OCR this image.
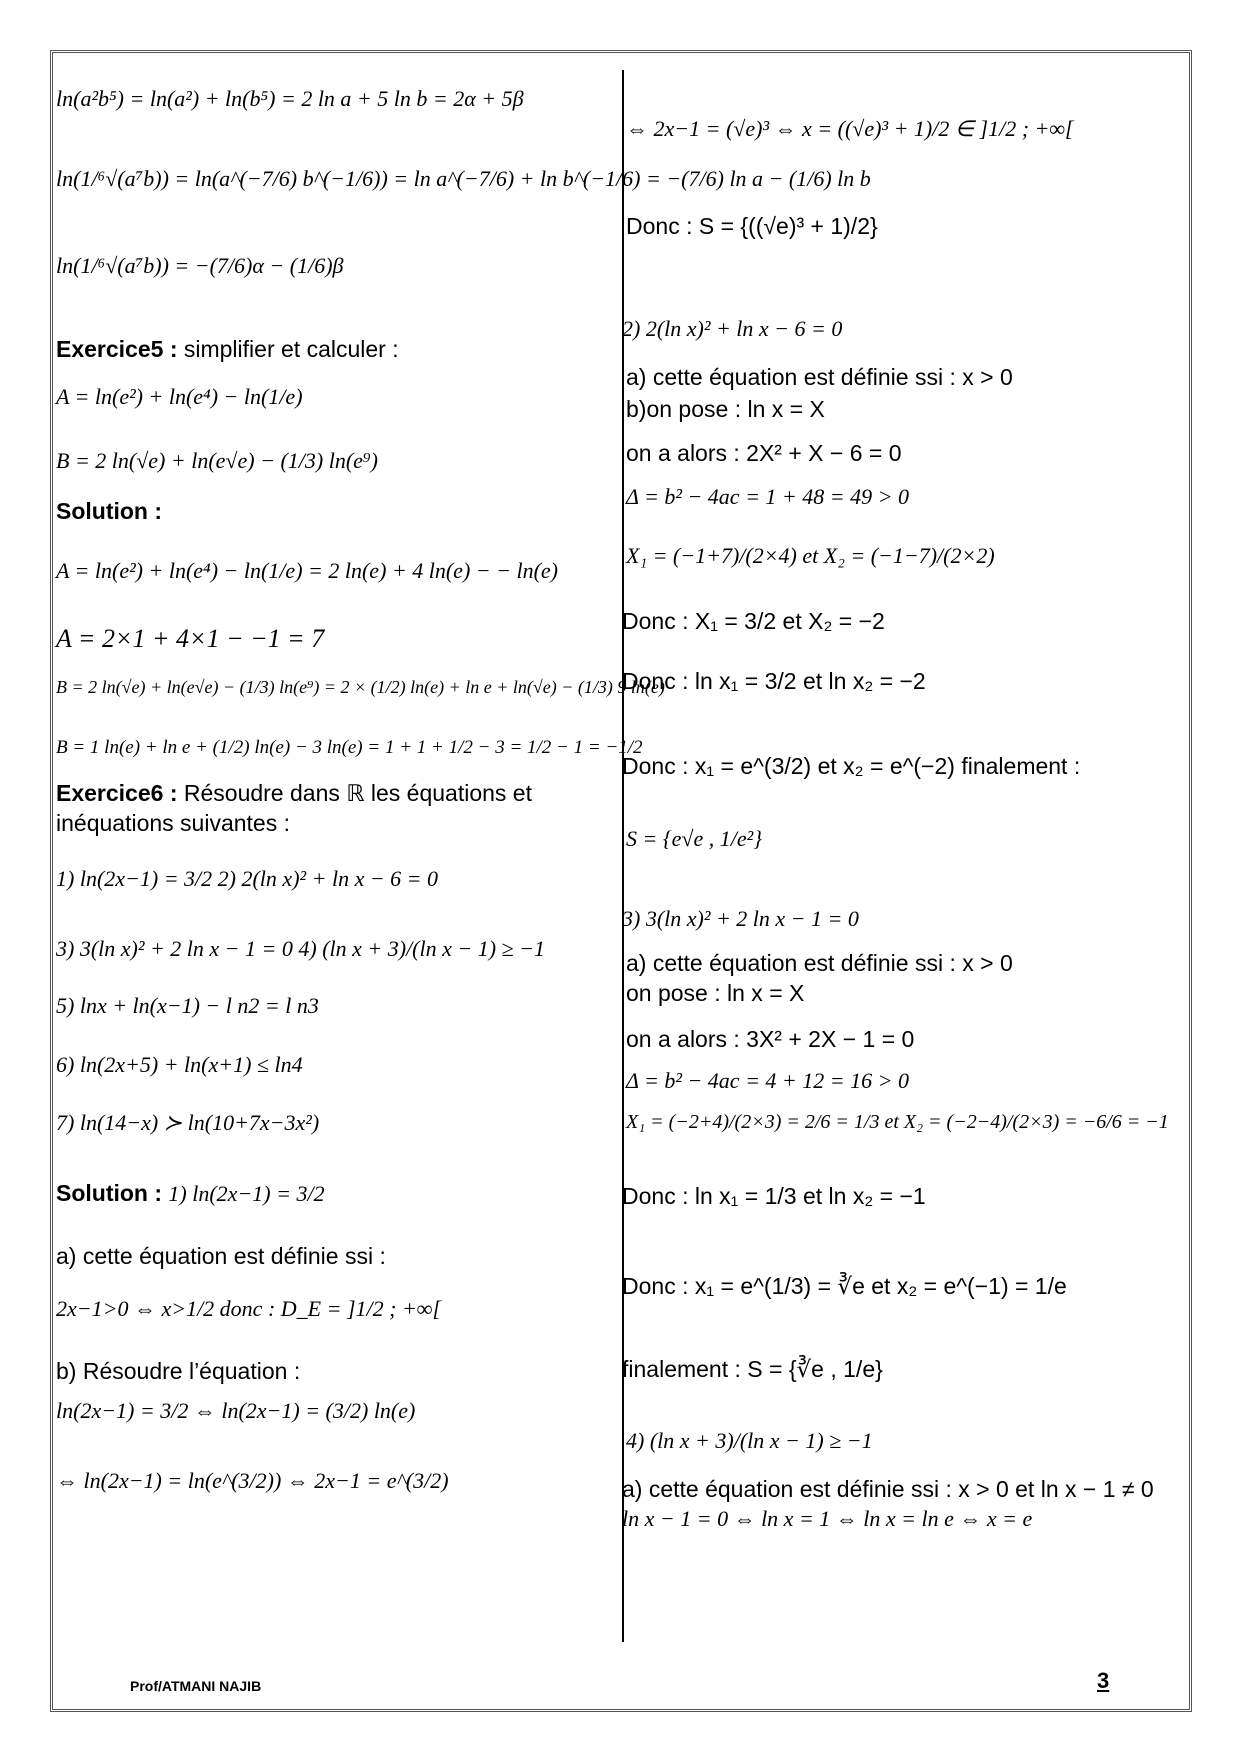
ln(a²b⁵) = ln(a²) + ln(b⁵) = 2 ln a + 5 ln b = 2α + 5β
ln(1/⁶√(a⁷b)) = ln(a^(−7/6) b^(−1/6)) = ln a^(−7/6) + ln b^(−1/6) = −(7/6) ln a − (1/6) ln b
ln(1/⁶√(a⁷b)) = −(7/6)α − (1/6)β
Exercice5 : simplifier et calculer :
A = ln(e²) + ln(e⁴) − ln(1/e)
B = 2 ln(√e) + ln(e√e) − (1/3) ln(e⁹)
Solution :
A = ln(e²) + ln(e⁴) − ln(1/e) = 2 ln(e) + 4 ln(e) − − ln(e)
A = 2×1 + 4×1 − −1 = 7
B = 2 ln(√e) + ln(e√e) − (1/3) ln(e⁹) = 2 × (1/2) ln(e) + ln e + ln(√e) − (1/3) 9 ln(e)
B = 1 ln(e) + ln e + (1/2) ln(e) − 3 ln(e) = 1 + 1 + 1/2 − 3 = 1/2 − 1 = −1/2
Exercice6 : Résoudre dans ℝ les équations et
inéquations suivantes :
1) ln(2x−1) = 3/2 2) 2(ln x)² + ln x − 6 = 0
3) 3(ln x)² + 2 ln x − 1 = 0 4) (ln x + 3)/(ln x − 1) ≥ −1
5) lnx + ln(x−1) − l n2 = l n3
6) ln(2x+5) + ln(x+1) ≤ ln4
7) ln(14−x) ≻ ln(10+7x−3x²)
Solution : 1) ln(2x−1) = 3/2
a) cette équation est définie ssi :
2x−1>0 ⇔ x>1/2 donc : D_E = ]1/2 ; +∞[
b) Résoudre l’équation :
ln(2x−1) = 3/2 ⇔ ln(2x−1) = (3/2) ln(e)
⇔ ln(2x−1) = ln(e^(3/2)) ⇔ 2x−1 = e^(3/2)
⇔ 2x−1 = (√e)³ ⇔ x = ((√e)³ + 1)/2 ∈ ]1/2 ; +∞[
Donc : S = {((√e)³ + 1)/2}
2) 2(ln x)² + ln x − 6 = 0
a) cette équation est définie ssi : x > 0
b)on pose : ln x = X
on a alors : 2X² + X − 6 = 0
Δ = b² − 4ac = 1 + 48 = 49 > 0
X₁ = (−1+7)/(2×4) et X₂ = (−1−7)/(2×2)
Donc : X₁ = 3/2 et X₂ = −2
Donc : ln x₁ = 3/2 et ln x₂ = −2
Donc : x₁ = e^(3/2) et x₂ = e^(−2) finalement :
S = {e√e , 1/e²}
3) 3(ln x)² + 2 ln x − 1 = 0
a) cette équation est définie ssi : x > 0
on pose : ln x = X
on a alors : 3X² + 2X − 1 = 0
Δ = b² − 4ac = 4 + 12 = 16 > 0
X₁ = (−2+4)/(2×3) = 2/6 = 1/3 et X₂ = (−2−4)/(2×3) = −6/6 = −1
Donc : ln x₁ = 1/3 et ln x₂ = −1
Donc : x₁ = e^(1/3) = ∛e et x₂ = e^(−1) = 1/e
finalement : S = {∛e , 1/e}
4) (ln x + 3)/(ln x − 1) ≥ −1
a) cette équation est définie ssi : x > 0 et ln x − 1 ≠ 0
ln x − 1 = 0 ⇔ ln x = 1 ⇔ ln x = ln e ⇔ x = e
Prof/ATMANI NAJIB	3
